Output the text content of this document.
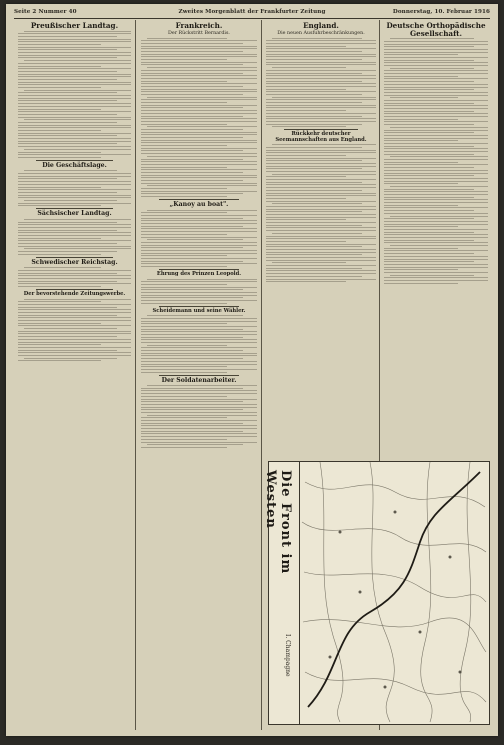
Seite 2 Nummer 40	Zweites Morgenblatt der Frankfurter Zeitung	Donnerstag, 10. Februar 1916
Preußischer Landtag.
Die Geschäftslage.
Sächsischer Landtag.
Schwedischer Reichstag.
Der bevorstehende Zeitungswerbe.
Frankreich.
Der Rückstritt Bernardis.
„Kanoy au boat".
Ehrung des Prinzen Leopold.
Scheidemann und seine Wähler.
Der Soldatenarbeiter.
England.
Die neuen Ausfuhrbeschränkungen.
Rückkehr deutscher Seemannschaften aus England.
Deutsche Orthopädische Gesellschaft.
Die Front im Westen
I. Champagne
